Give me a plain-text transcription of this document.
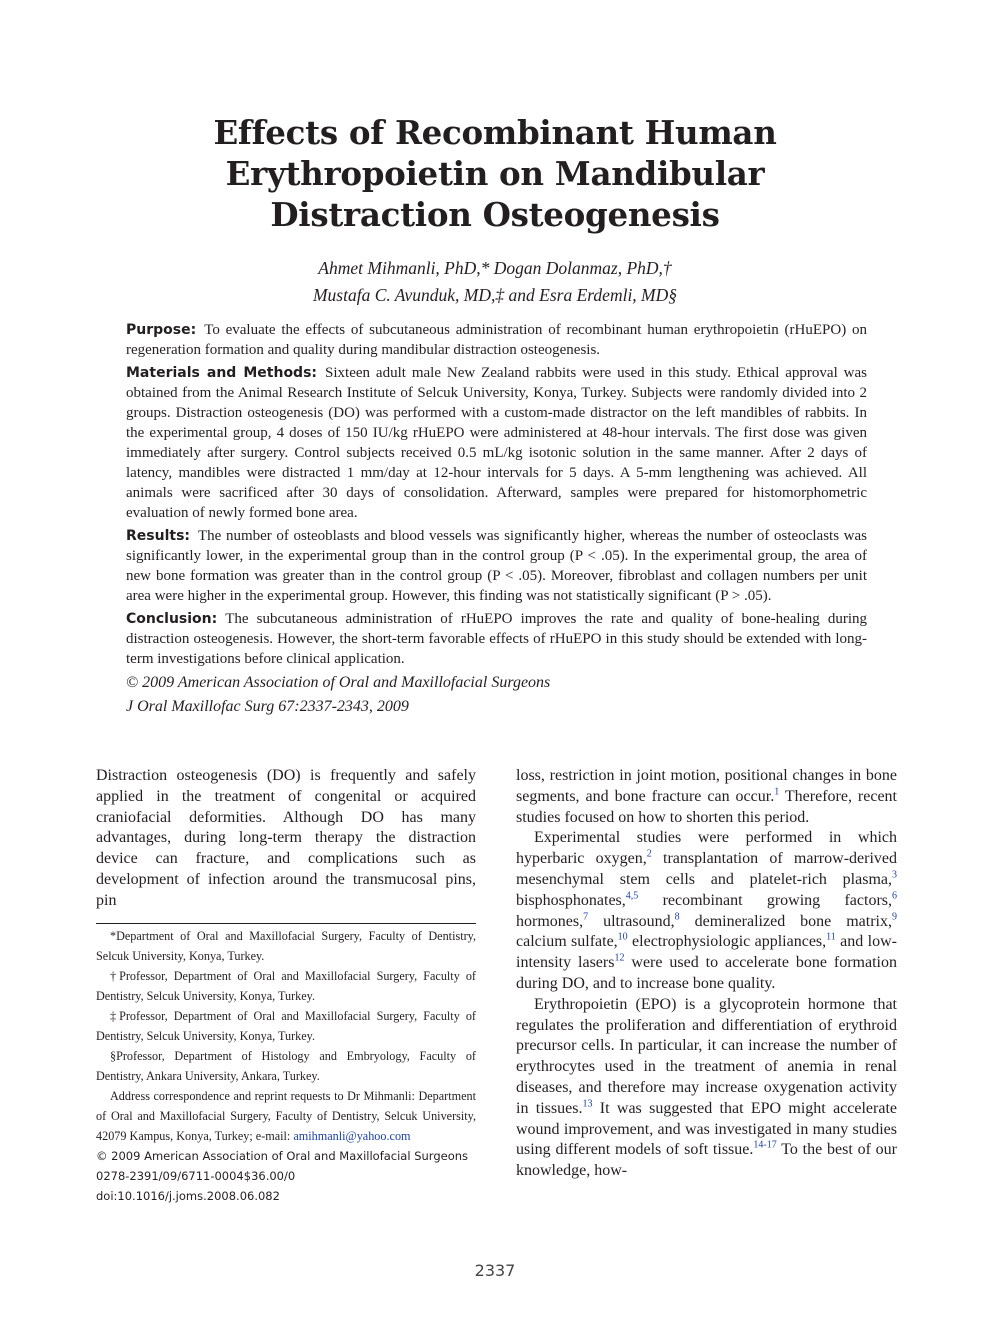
Effects of Recombinant Human
Erythropoietin on Mandibular
Distraction Osteogenesis
Ahmet Mihmanli, PhD,* Dogan Dolanmaz, PhD,†
Mustafa C. Avunduk, MD,‡ and Esra Erdemli, MD§

Purpose: To evaluate the effects of subcutaneous administration of recombinant human erythropoietin (rHuEPO) on regeneration formation and quality during mandibular distraction osteogenesis.

Materials and Methods: Sixteen adult male New Zealand rabbits were used in this study. Ethical approval was obtained from the Animal Research Institute of Selcuk University, Konya, Turkey. Subjects were randomly divided into 2 groups. Distraction osteogenesis (DO) was performed with a custom-made distractor on the left mandibles of rabbits. In the experimental group, 4 doses of 150 IU/kg rHuEPO were administered at 48-hour intervals. The first dose was given immediately after surgery. Control subjects received 0.5 mL/kg isotonic solution in the same manner. After 2 days of latency, mandibles were distracted 1 mm/day at 12-hour intervals for 5 days. A 5-mm lengthening was achieved. All animals were sacrificed after 30 days of consolidation. Afterward, samples were prepared for histomorphometric evaluation of newly formed bone area.

Results: The number of osteoblasts and blood vessels was significantly higher, whereas the number of osteoclasts was significantly lower, in the experimental group than in the control group (P < .05). In the experimental group, the area of new bone formation was greater than in the control group (P < .05). Moreover, fibroblast and collagen numbers per unit area were higher in the experimental group. However, this finding was not statistically significant (P > .05).

Conclusion: The subcutaneous administration of rHuEPO improves the rate and quality of bone-healing during distraction osteogenesis. However, the short-term favorable effects of rHuEPO in this study should be extended with long-term investigations before clinical application.

© 2009 American Association of Oral and Maxillofacial Surgeons

J Oral Maxillofac Surg 67:2337-2343, 2009

Distraction osteogenesis (DO) is frequently and safely applied in the treatment of congenital or acquired craniofacial deformities. Although DO has many advantages, during long-term therapy the distraction device can fracture, and complications such as development of infection around the transmucosal pins, pin

*Department of Oral and Maxillofacial Surgery, Faculty of Dentistry, Selcuk University, Konya, Turkey.

†Professor, Department of Oral and Maxillofacial Surgery, Faculty of Dentistry, Selcuk University, Konya, Turkey.

‡Professor, Department of Oral and Maxillofacial Surgery, Faculty of Dentistry, Selcuk University, Konya, Turkey.

§Professor, Department of Histology and Embryology, Faculty of Dentistry, Ankara University, Ankara, Turkey.

Address correspondence and reprint requests to Dr Mihmanli: Department of Oral and Maxillofacial Surgery, Faculty of Dentistry, Selcuk University, 42079 Kampus, Konya, Turkey; e-mail: amihmanli@yahoo.com

© 2009 American Association of Oral and Maxillofacial Surgeons

0278-2391/09/6711-0004$36.00/0

doi:10.1016/j.joms.2008.06.082

loss, restriction in joint motion, positional changes in bone segments, and bone fracture can occur.$^1$ Therefore, recent studies focused on how to shorten this period.

Experimental studies were performed in which hyperbaric oxygen,$^2$ transplantation of marrow-derived mesenchymal stem cells and platelet-rich plasma,$^3$ bisphosphonates,$^{4,5}$ recombinant growing factors,$^6$ hormones,$^7$ ultrasound,$^8$ demineralized bone matrix,$^9$ calcium sulfate,$^{10}$ electrophysiologic appliances,$^{11}$ and low-intensity lasers$^{12}$ were used to accelerate bone formation during DO, and to increase bone quality.

Erythropoietin (EPO) is a glycoprotein hormone that regulates the proliferation and differentiation of erythroid precursor cells. In particular, it can increase the number of erythrocytes used in the treatment of anemia in renal diseases, and therefore may increase oxygenation activity in tissues.$^{13}$ It was suggested that EPO might accelerate wound improvement, and was investigated in many studies using different models of soft tissue.$^{14-17}$ To the best of our knowledge, how-

2337
